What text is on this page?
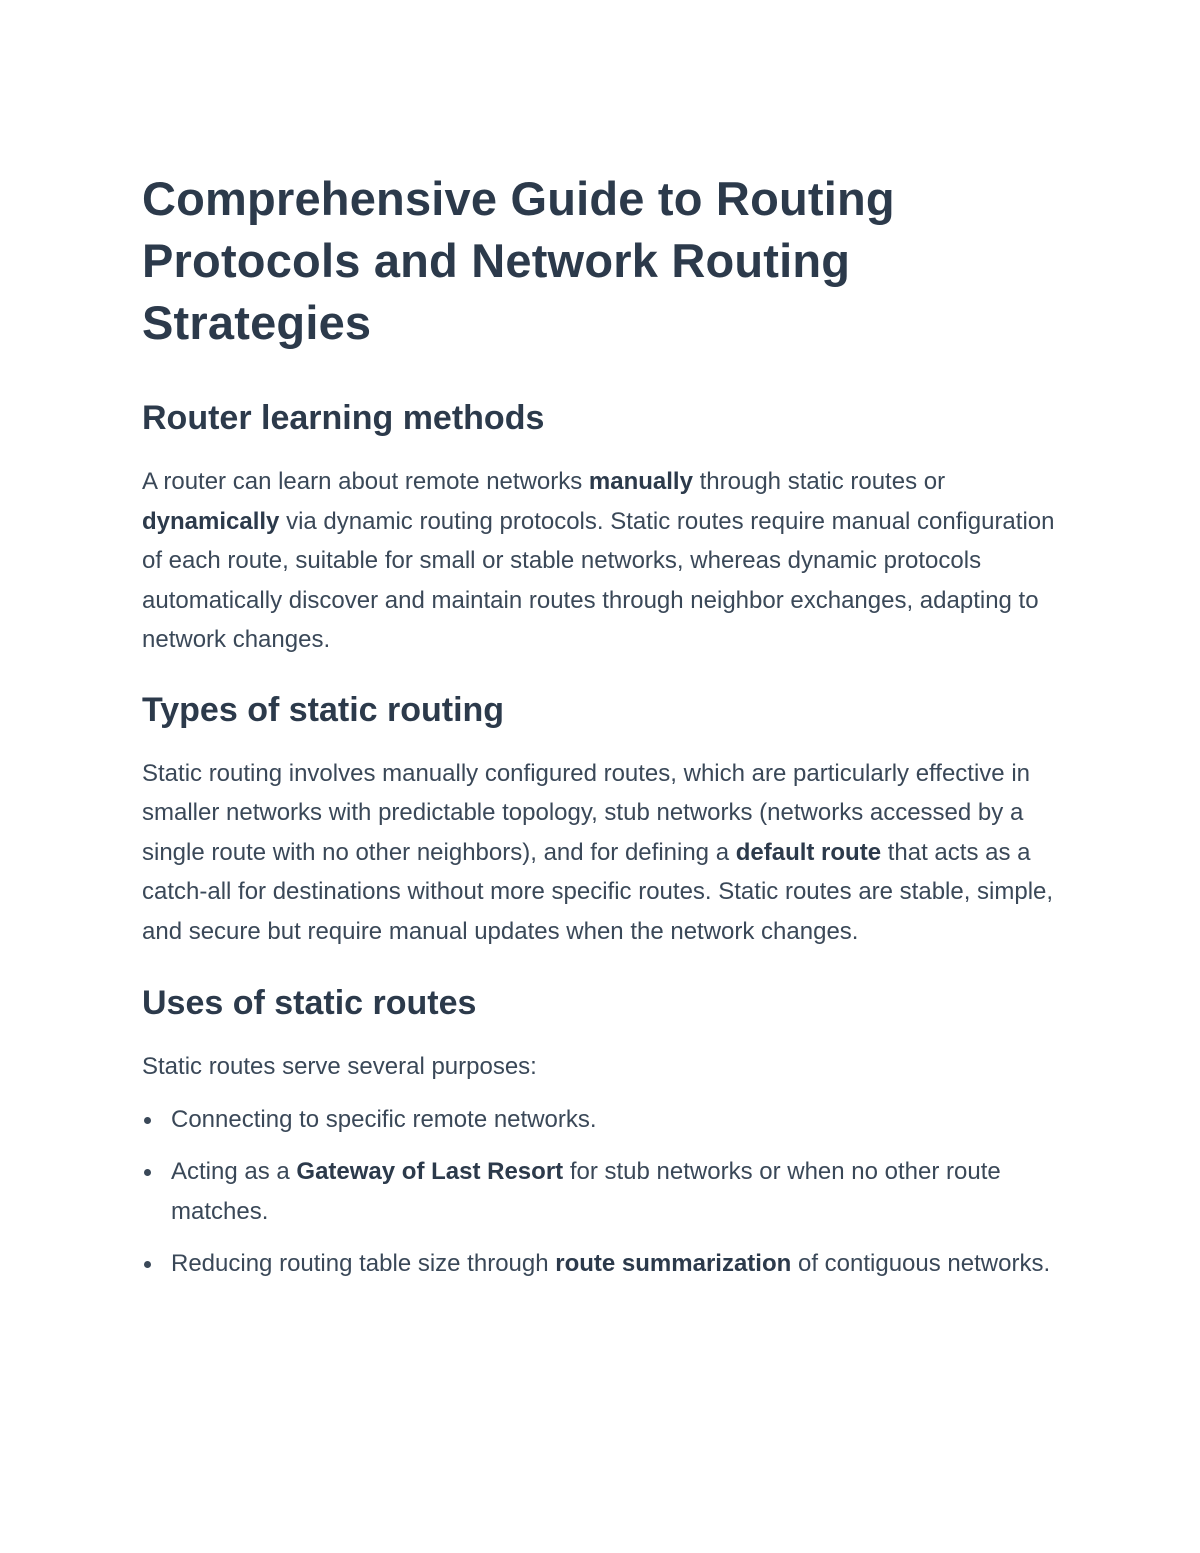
Comprehensive Guide to Routing Protocols and Network Routing Strategies
Router learning methods

A router can learn about remote networks manually through static routes or dynamically via dynamic routing protocols. Static routes require manual configuration of each route, suitable for small or stable networks, whereas dynamic protocols automatically discover and maintain routes through neighbor exchanges, adapting to network changes.

Types of static routing

Static routing involves manually configured routes, which are particularly effective in smaller networks with predictable topology, stub networks (networks accessed by a single route with no other neighbors), and for defining a default route that acts as a catch-all for destinations without more specific routes. Static routes are stable, simple, and secure but require manual updates when the network changes.

Uses of static routes

Static routes serve several purposes:

Connecting to specific remote networks.
Acting as a Gateway of Last Resort for stub networks or when no other route matches.
Reducing routing table size through route summarization of contiguous networks.
